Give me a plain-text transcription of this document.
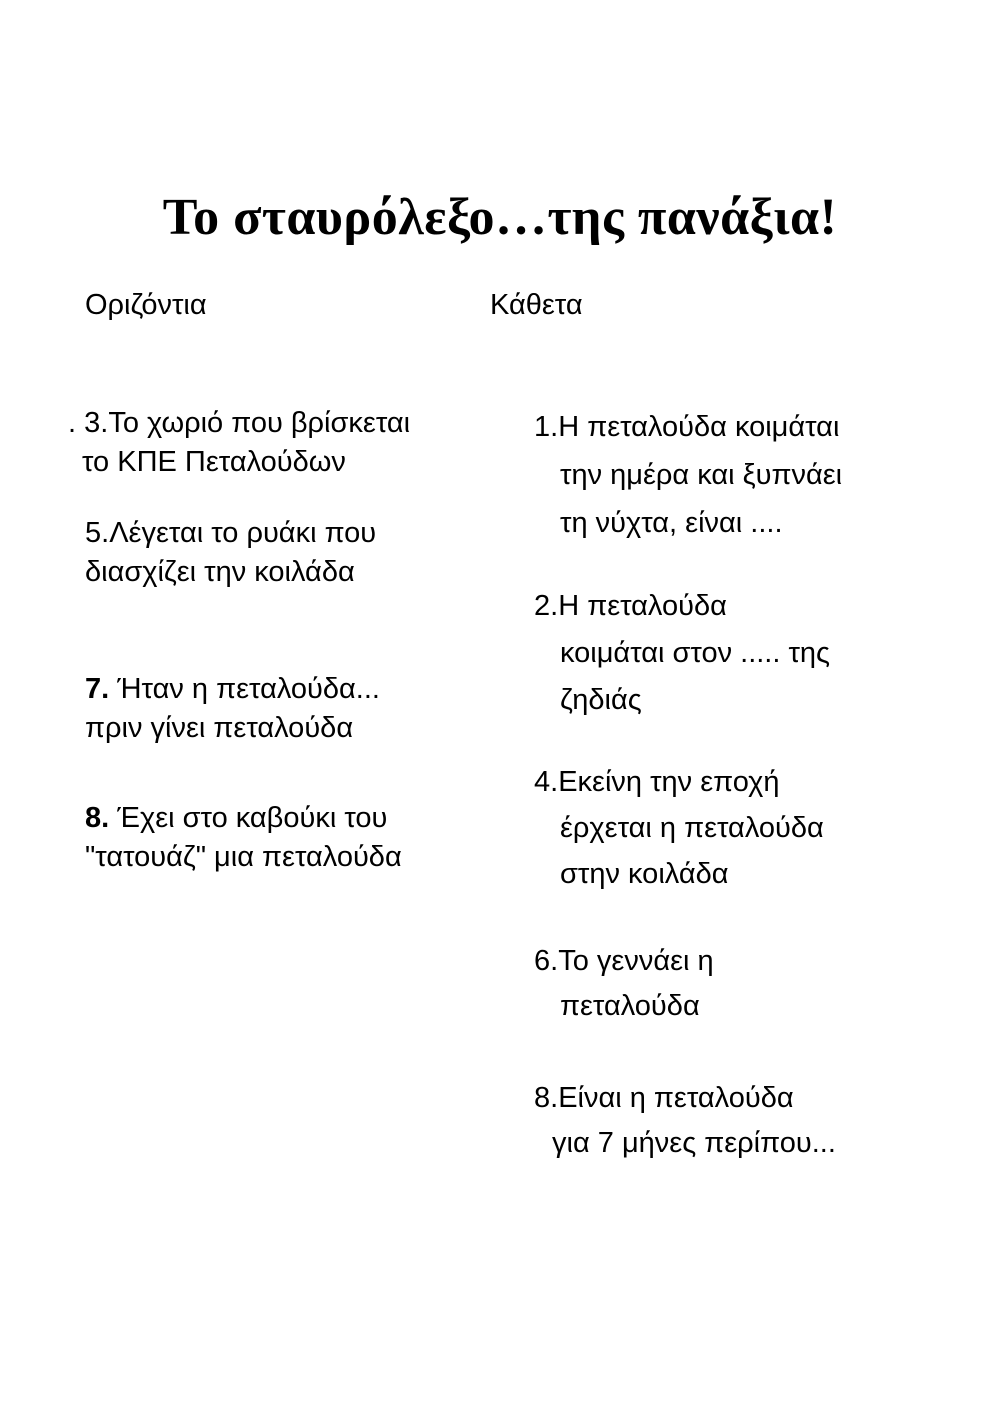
Το σταυρόλεξο…της πανάξια!
Οριζόντια	Κάθετα
. 3.Το χωριό που βρίσκεται
το ΚΠΕ Πεταλούδων
5.Λέγεται το ρυάκι που
διασχίζει την κοιλάδα
7. Ήταν η πεταλούδα...
πριν γίνει πεταλούδα
8. Έχει στο καβούκι του
"τατουάζ" μια πεταλούδα
1.Η πεταλούδα κοιμάται
την ημέρα και ξυπνάει
τη νύχτα, είναι ....
2.Η πεταλούδα
κοιμάται στον ..... της
ζηδιάς
4.Εκείνη την εποχή
έρχεται η πεταλούδα
στην κοιλάδα
6.Το γεννάει η
πεταλούδα
8.Είναι η πεταλούδα
για 7 μήνες περίπου...
